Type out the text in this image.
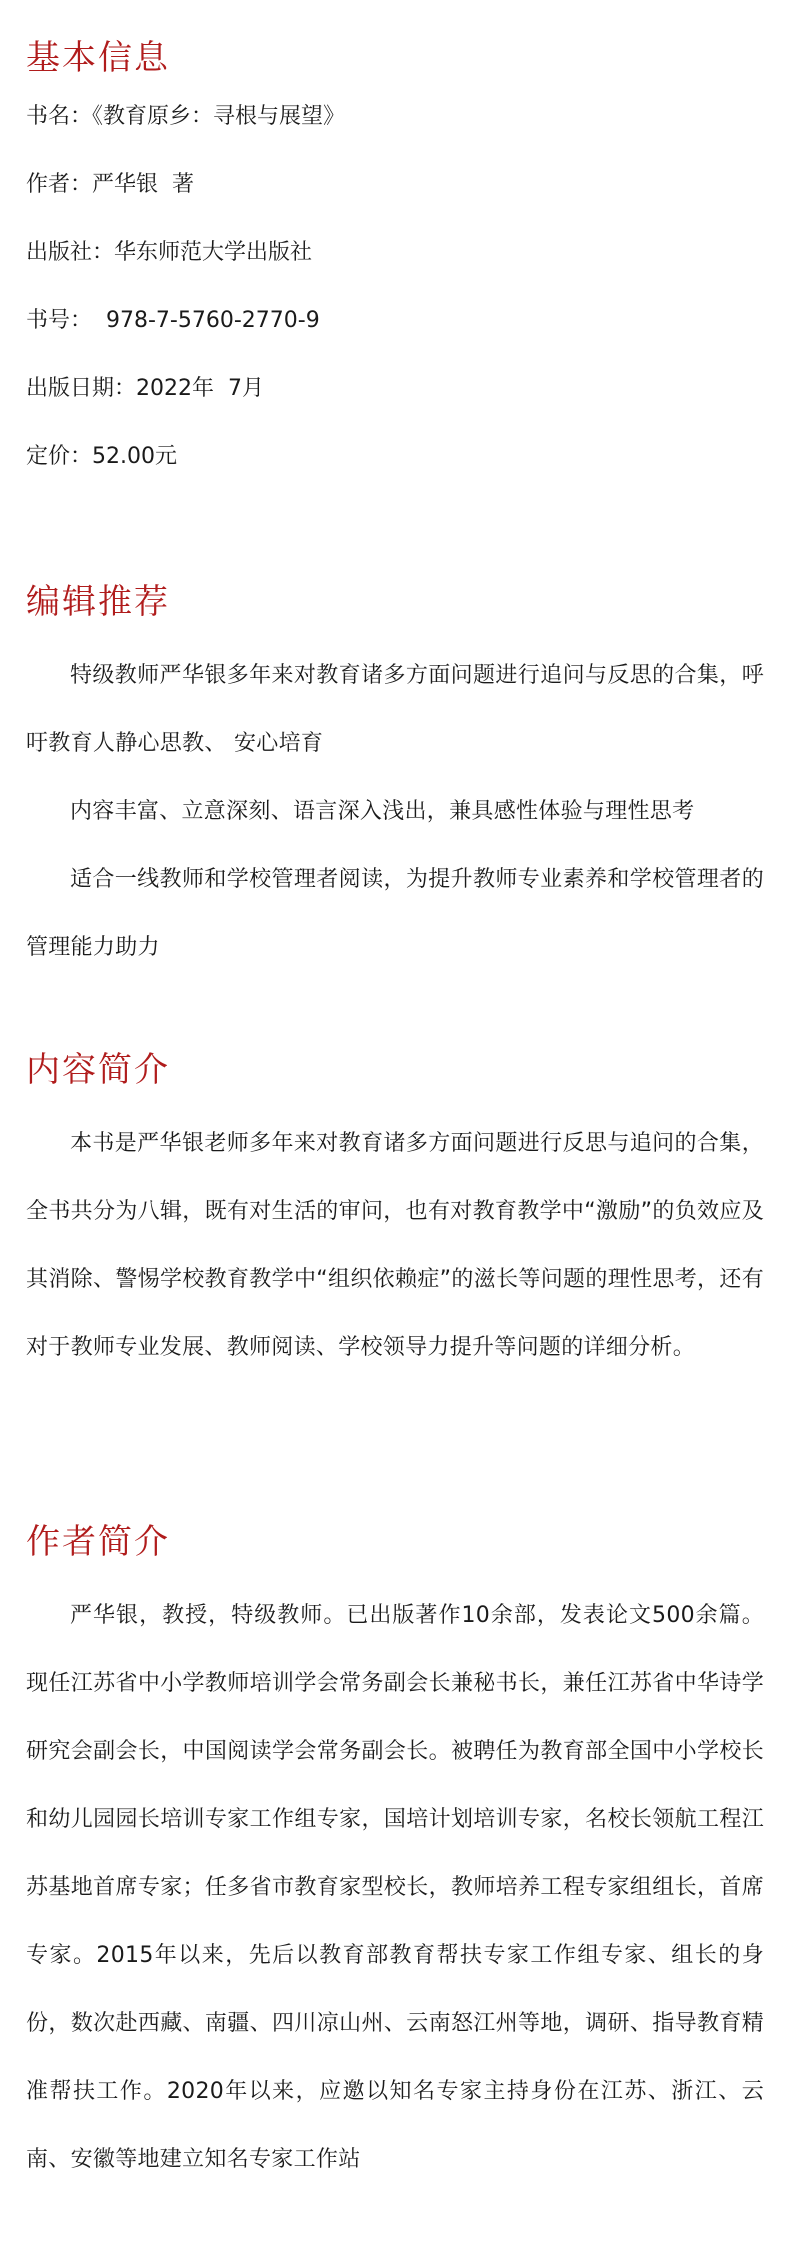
基本信息

书名：《教育原乡：寻根与展望》

作者：严华银  著

出版社：华东师范大学出版社

书号：  978-7-5760-2770-9

出版日期：2022年  7月

定价：52.00元

编辑推荐

特级教师严华银多年来对教育诸多方面问题进行追问与反思的合集，呼吁教育人静心思教、 安心培育

内容丰富、立意深刻、语言深入浅出，兼具感性体验与理性思考

适合一线教师和学校管理者阅读，为提升教师专业素养和学校管理者的管理能力助力

内容简介

本书是严华银老师多年来对教育诸多方面问题进行反思与追问的合集，全书共分为八辑，既有对生活的审问，也有对教育教学中“激励”的负效应及其消除、警惕学校教育教学中“组织依赖症”的滋长等问题的理性思考，还有对于教师专业发展、教师阅读、学校领导力提升等问题的详细分析。

作者简介

严华银，教授，特级教师。已出版著作10余部，发表论文500余篇。现任江苏省中小学教师培训学会常务副会长兼秘书长，兼任江苏省中华诗学研究会副会长，中国阅读学会常务副会长。被聘任为教育部全国中小学校长和幼儿园园长培训专家工作组专家，国培计划培训专家，名校长领航工程江苏基地首席专家；任多省市教育家型校长，教师培养工程专家组组长，首席专家。2015年以来，先后以教育部教育帮扶专家工作组专家、组长的身份，数次赴西藏、南疆、四川凉山州、云南怒江州等地，调研、指导教育精准帮扶工作。2020年以来，应邀以知名专家主持身份在江苏、浙江、云南、安徽等地建立知名专家工作站
